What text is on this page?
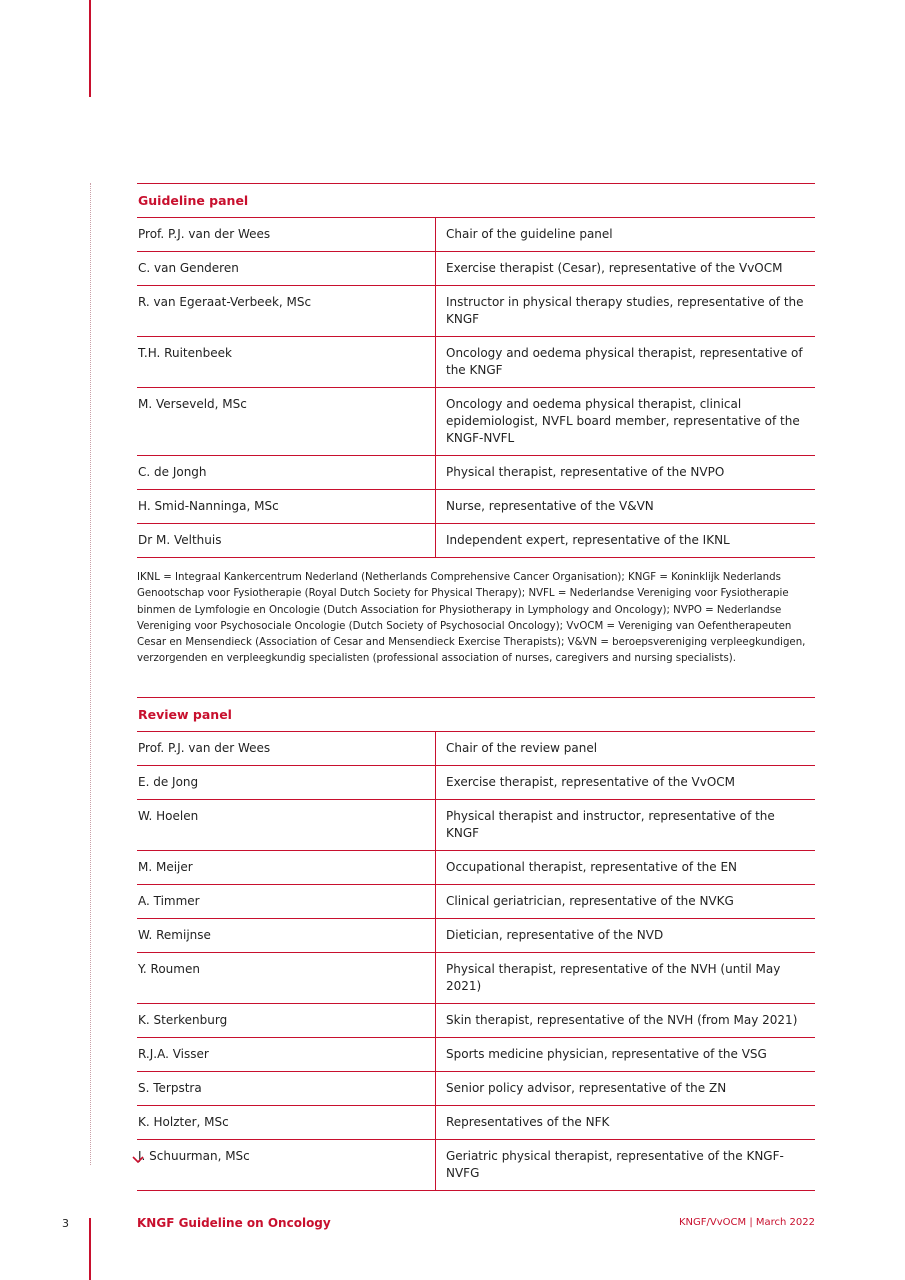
Guideline panel
Prof. P.J. van der Wees	Chair of the guideline panel
C. van Genderen	Exercise therapist (Cesar), representative of the VvOCM
R. van Egeraat-Verbeek, MSc	Instructor in physical therapy studies, representative of the KNGF
T.H. Ruitenbeek	Oncology and oedema physical therapist, representative of the KNGF
M. Verseveld, MSc	Oncology and oedema physical therapist, clinical epidemiologist, NVFL board member, representative of the KNGF-NVFL
C. de Jongh	Physical therapist, representative of the NVPO
H. Smid-Nanninga, MSc	Nurse, representative of the V&VN
Dr M. Velthuis	Independent expert, representative of the IKNL

IKNL = Integraal Kankercentrum Nederland (Netherlands Comprehensive Cancer Organisation); KNGF = Koninklijk Nederlands Genootschap voor Fysiotherapie (Royal Dutch Society for Physical Therapy); NVFL = Nederlandse Vereniging voor Fysiotherapie binmen de Lymfologie en Oncologie (Dutch Association for Physiotherapy in Lymphology and Oncology); NVPO = Nederlandse Vereniging voor Psychosociale Oncologie (Dutch Society of Psychosocial Oncology); VvOCM = Vereniging van Oefentherapeuten Cesar en Mensendieck (Association of Cesar and Mensendieck Exercise Therapists); V&VN = beroepsvereniging verpleegkundigen, verzorgenden en verpleegkundig specialisten (professional association of nurses, caregivers and nursing specialists).

Review panel
Prof. P.J. van der Wees	Chair of the review panel
E. de Jong	Exercise therapist, representative of the VvOCM
W. Hoelen	Physical therapist and instructor, representative of the KNGF
M. Meijer	Occupational therapist, representative of the EN
A. Timmer	Clinical geriatrician, representative of the NVKG
W. Remijnse	Dietician, representative of the NVD
Y. Roumen	Physical therapist, representative of the NVH (until May 2021)
K. Sterkenburg	Skin therapist, representative of the NVH (from May 2021)
R.J.A. Visser	Sports medicine physician, representative of the VSG
S. Terpstra	Senior policy advisor, representative of the ZN
K. Holzter, MSc	Representatives of the NFK
J. Schuurman, MSc	Geriatric physical therapist, representative of the KNGF-NVFG
3	KNGF Guideline on Oncology	KNGF/VvOCM | March 2022
